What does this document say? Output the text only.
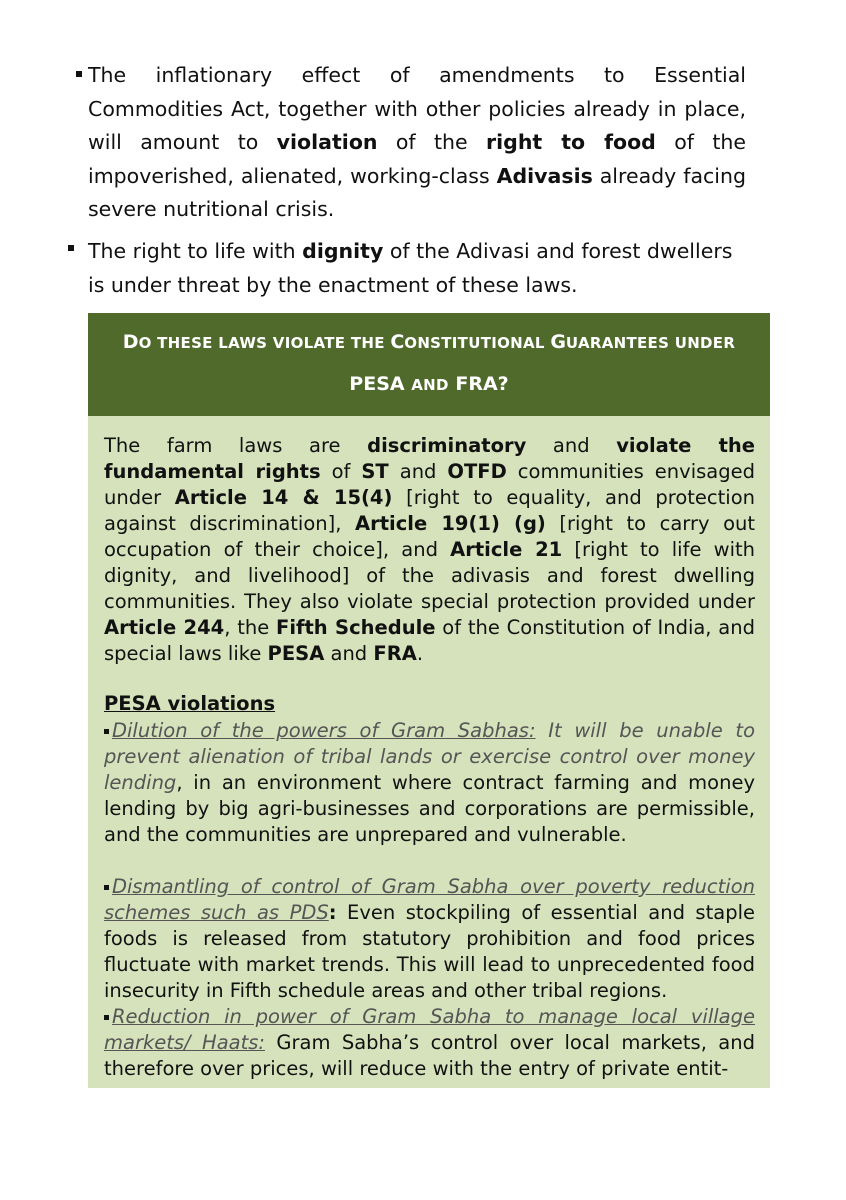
The inflationary effect of amendments to Essential Commodities Act, together with other policies already in place, will amount to violation of the right to food of the impoverished, alienated, working-class Adivasis already facing severe nutritional crisis.
The right to life with dignity of the Adivasi and forest dwellers is under threat by the enactment of these laws.
DO THESE LAWS VIOLATE THE CONSTITUTIONAL GUARANTEES UNDER
PESA AND FRA?
The farm laws are discriminatory and violate the fundamental rights of ST and OTFD communities envisaged under Article 14 & 15(4) [right to equality, and protection against discrimination], Article 19(1) (g) [right to carry out occupation of their choice], and Article 21 [right to life with dignity, and livelihood] of the adivasis and forest dwelling communities. They also violate special protection provided under Article 244, the Fifth Schedule of the Constitution of India, and special laws like PESA and FRA.
PESA violations
Dilution of the powers of Gram Sabhas: It will be unable to prevent alienation of tribal lands or exercise control over money lending, in an environment where contract farming and money lending by big agri-businesses and corporations are permissible, and the communities are unprepared and vulnerable.
Dismantling of control of Gram Sabha over poverty reduction schemes such as PDS: Even stockpiling of essential and staple foods is released from statutory prohibition and food prices fluctuate with market trends. This will lead to unprecedented food insecurity in Fifth schedule areas and other tribal regions.
Reduction in power of Gram Sabha to manage local village markets/ Haats: Gram Sabha’s control over local markets, and therefore over prices, will reduce with the entry of private entit-
